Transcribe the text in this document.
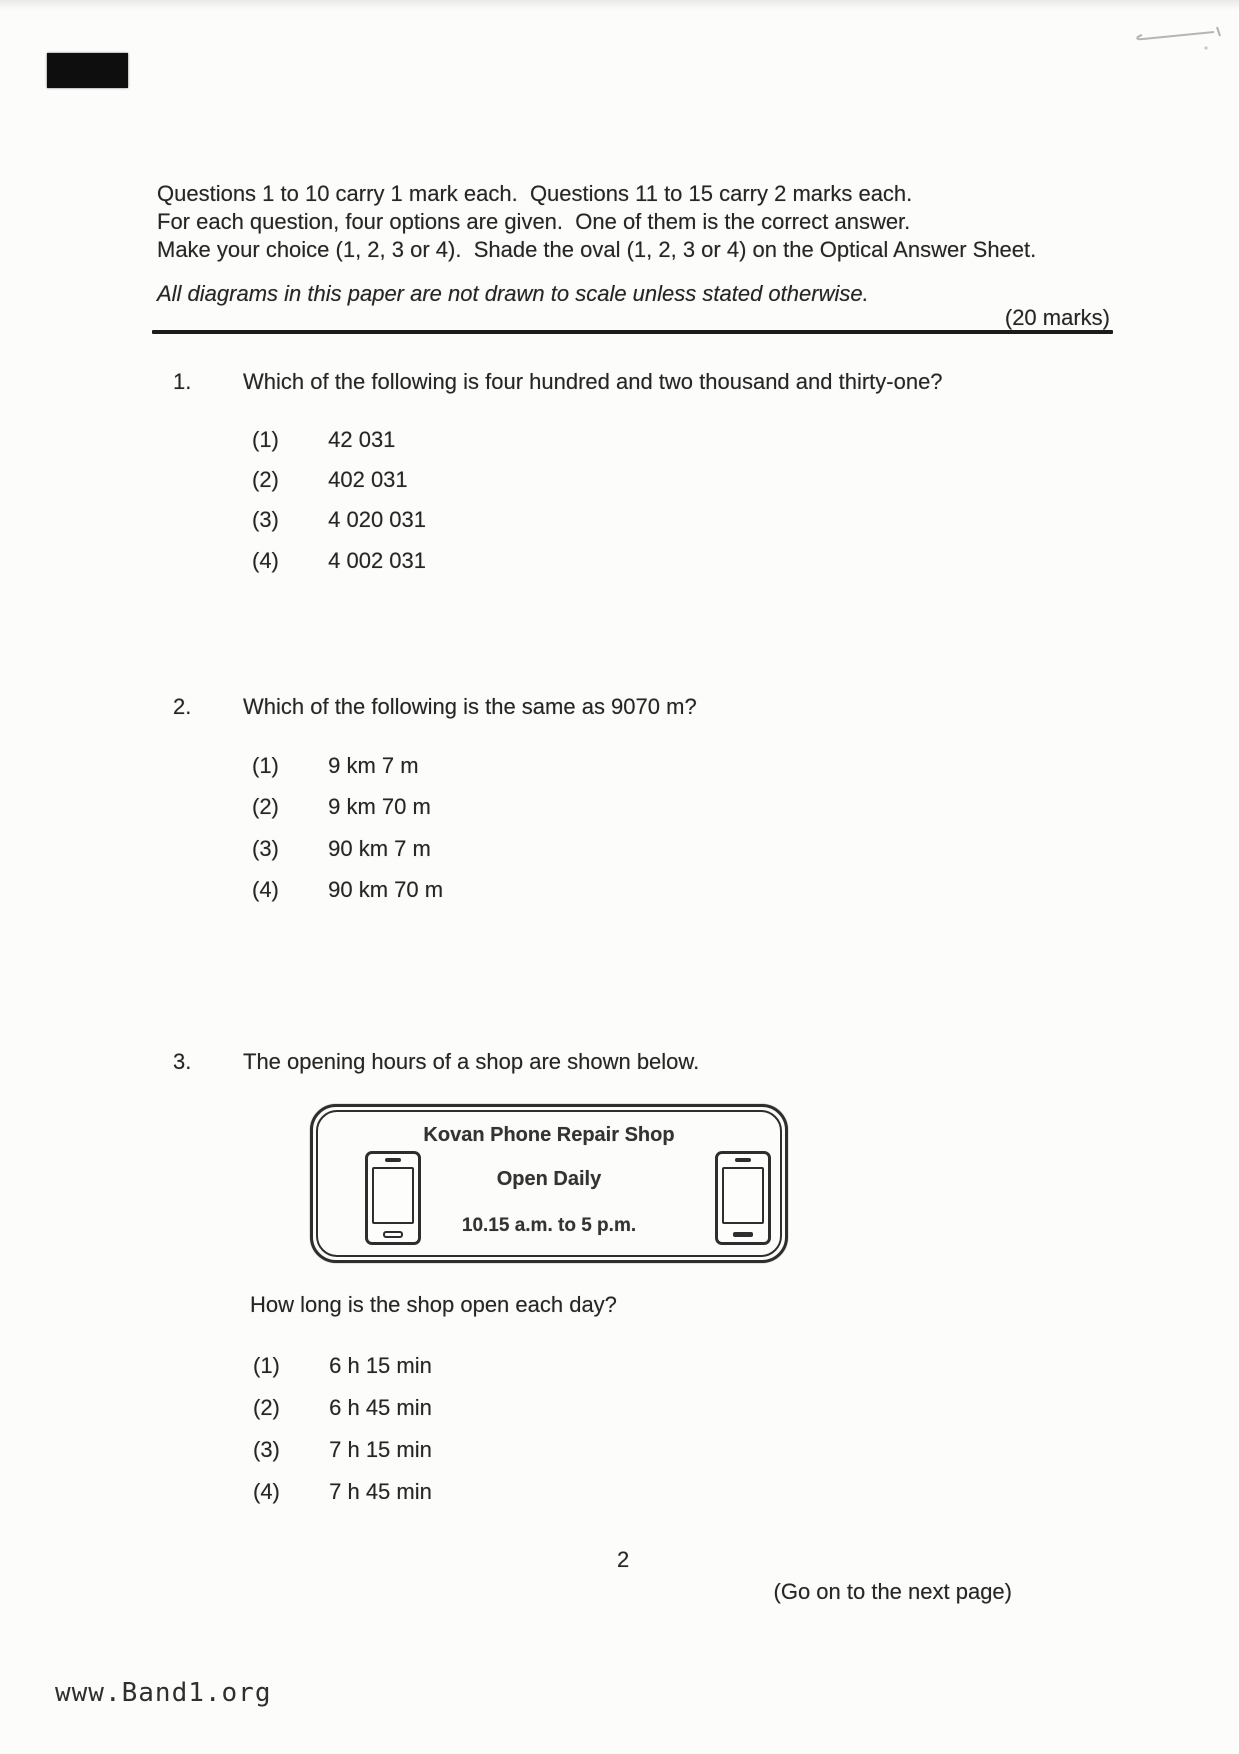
Questions 1 to 10 carry 1 mark each.  Questions 11 to 15 carry 2 marks each.
For each question, four options are given.  One of them is the correct answer.
Make your choice (1, 2, 3 or 4).  Shade the oval (1, 2, 3 or 4) on the Optical Answer Sheet.
All diagrams in this paper are not drawn to scale unless stated otherwise.
(20 marks)
1. Which of the following is four hundred and two thousand and thirty-one?
(1) 42 031
(2) 402 031
(3) 4 020 031
(4) 4 002 031
2. Which of the following is the same as 9070 m?
(1) 9 km 7 m
(2) 9 km 70 m
(3) 90 km 7 m
(4) 90 km 70 m
3. The opening hours of a shop are shown below.
Kovan Phone Repair Shop
Open Daily
10.15 a.m. to 5 p.m.
How long is the shop open each day?
(1) 6 h 15 min
(2) 6 h 45 min
(3) 7 h 15 min
(4) 7 h 45 min
2
(Go on to the next page)
www.Band1.org
